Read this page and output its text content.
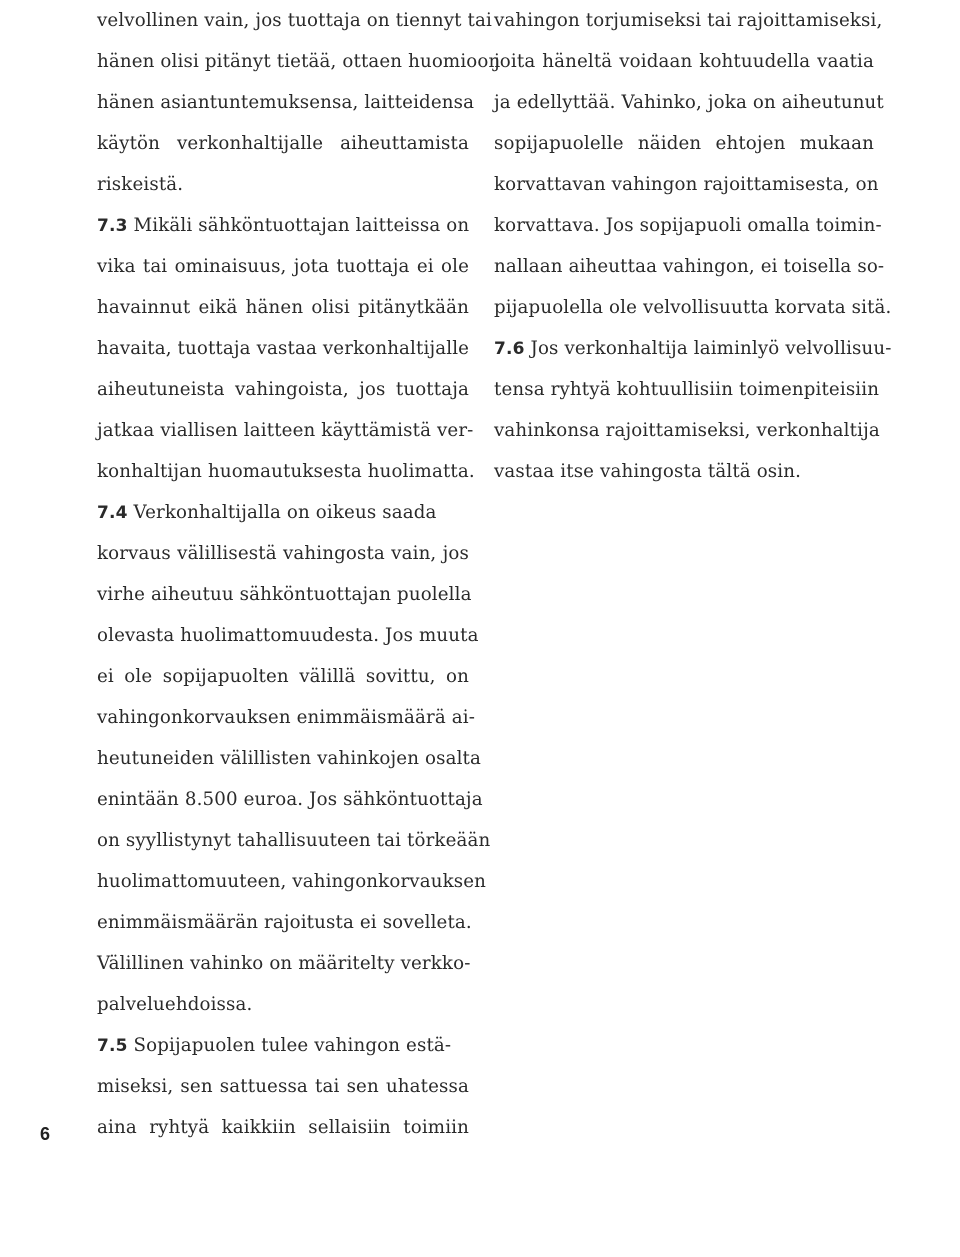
velvollinen vain, jos tuottaja on tiennyt tai
hänen olisi pitänyt tietää, ottaen huomioon
hänen asiantuntemuksensa, laitteidensa
käytön verkonhaltijalle aiheuttamista
riskeistä.
7.3 Mikäli sähköntuottajan laitteissa on
vika tai ominaisuus, jota tuottaja ei ole
havainnut eikä hänen olisi pitänytkään
havaita, tuottaja vastaa verkonhaltijalle
aiheutuneista vahingoista, jos tuottaja
jatkaa viallisen laitteen käyttämistä ver-
konhaltijan huomautuksesta huolimatta.
7.4 Verkonhaltijalla on oikeus saada
korvaus välillisestä vahingosta vain, jos
virhe aiheutuu sähköntuottajan puolella
olevasta huolimattomuudesta. Jos muuta
ei ole sopijapuolten välillä sovittu, on
vahingonkorvauksen enimmäismäärä ai-
heutuneiden välillisten vahinkojen osalta
enintään 8.500 euroa. Jos sähköntuottaja
on syyllistynyt tahallisuuteen tai törkeään
huolimattomuuteen, vahingonkorvauksen
enimmäismäärän rajoitusta ei sovelleta.
Välillinen vahinko on määritelty verkko-
palveluehdoissa.
7.5 Sopijapuolen tulee vahingon estä-
miseksi, sen sattuessa tai sen uhatessa
aina ryhtyä kaikkiin sellaisiin toimiin
vahingon torjumiseksi tai rajoittamiseksi,
joita häneltä voidaan kohtuudella vaatia
ja edellyttää. Vahinko, joka on aiheutunut
sopijapuolelle näiden ehtojen mukaan
korvattavan vahingon rajoittamisesta, on
korvattava. Jos sopijapuoli omalla toimin-
nallaan aiheuttaa vahingon, ei toisella so-
pijapuolella ole velvollisuutta korvata sitä.
7.6 Jos verkonhaltija laiminlyö velvollisuu-
tensa ryhtyä kohtuullisiin toimenpiteisiin
vahinkonsa rajoittamiseksi, verkonhaltija
vastaa itse vahingosta tältä osin.
6
